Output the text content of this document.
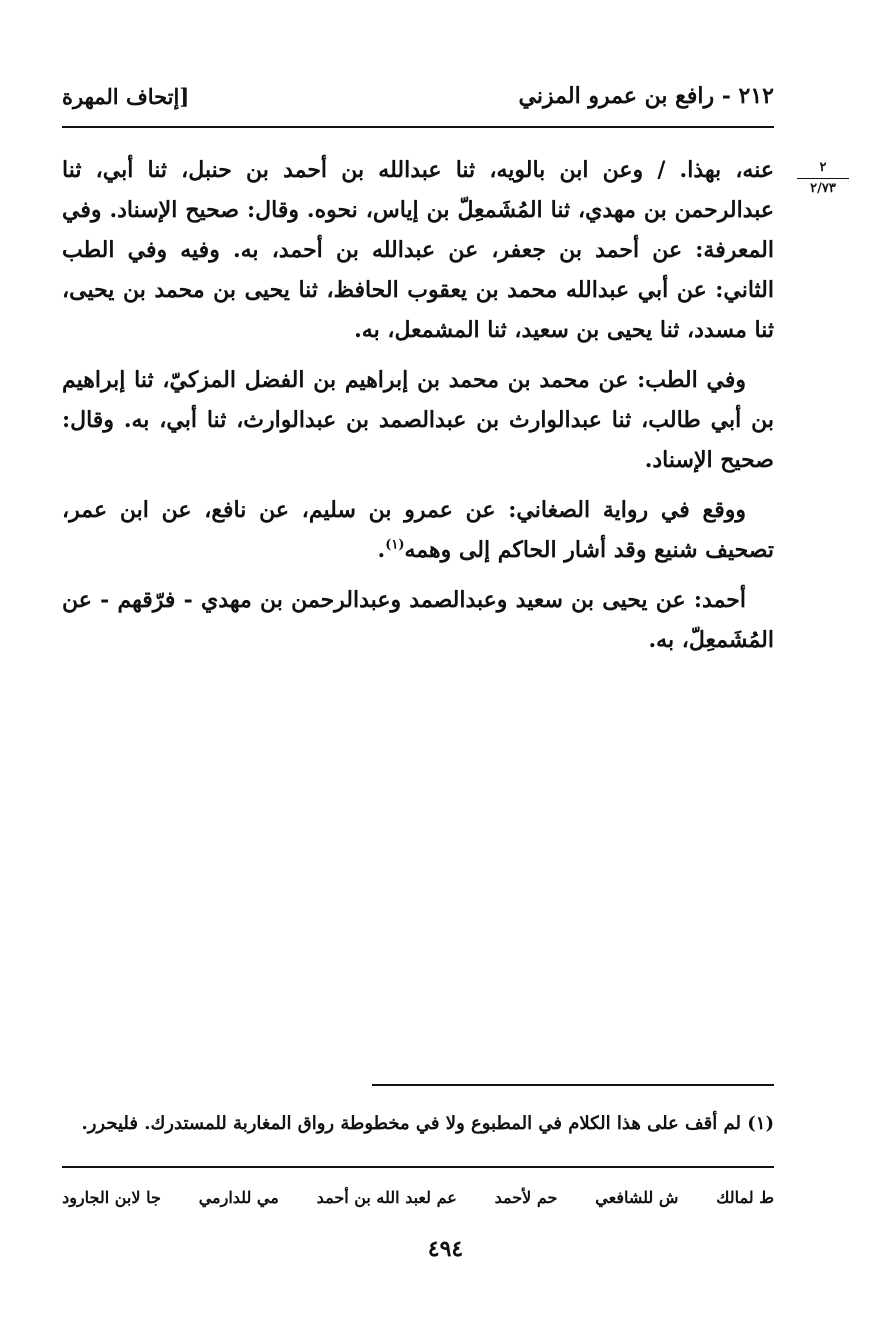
٢١٢ - رافع بن عمرو المزني
[إتحاف المهرة
٢
٢/٧٣

عنه، بهذا. / وعن ابن بالويه، ثنا عبدالله بن أحمد بن حنبل، ثنا أبي، ثنا عبدالرحمن بن مهدي، ثنا المُشَمعِلّ بن إياس، نحوه. وقال: صحيح الإسناد. وفي المعرفة: عن أحمد بن جعفر، عن عبدالله بن أحمد، به. وفيه وفي الطب الثاني: عن أبي عبدالله محمد بن يعقوب الحافظ، ثنا يحيى بن محمد بن يحيى، ثنا مسدد، ثنا يحيى بن سعيد، ثنا المشمعل، به.

وفي الطب: عن محمد بن محمد بن إبراهيم بن الفضل المزكيّ، ثنا إبراهيم بن أبي طالب، ثنا عبدالوارث بن عبدالصمد بن عبدالوارث، ثنا أبي، به. وقال: صحيح الإسناد.

ووقع في رواية الصغاني: عن عمرو بن سليم، عن نافع، عن ابن عمر، تصحيف شنيع وقد أشار الحاكم إلى وهمه$^{(١)}$.

أحمد: عن يحيى بن سعيد وعبدالصمد وعبدالرحمن بن مهدي - فرّقهم - عن المُشَمعِلّ، به.

(١) لم أقف على هذا الكلام في المطبوع ولا في مخطوطة رواق المغاربة للمستدرك. فليحرر.
ط لمالك
ش للشافعي
حم لأحمد
عم لعبد الله بن أحمد
مي للدارمي
جا لابن الجارود
٤٩٤
